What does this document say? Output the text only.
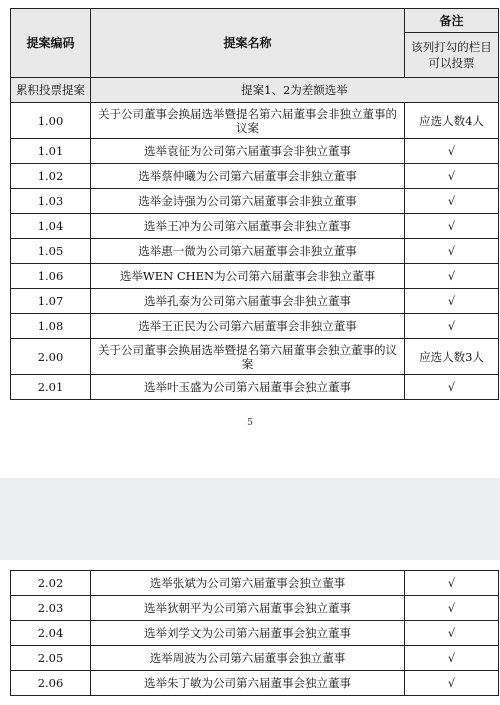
提案编码	提案名称	备注
		该列打勾的栏目可以投票
累积投票提案	提案1、2为差额选举	
1.00	关于公司董事会换届选举暨提名第六届董事会非独立董事的议案	应选人数4人
1.01	选举袁征为公司第六届董事会非独立董事	√
1.02	选举蔡仲曦为公司第六届董事会非独立董事	√
1.03	选举金诗强为公司第六届董事会非独立董事	√
1.04	选举王冲为公司第六届董事会非独立董事	√
1.05	选举惠一微为公司第六届董事会非独立董事	√
1.06	选举WEN CHEN为公司第六届董事会非独立董事	√
1.07	选举孔泰为公司第六届董事会非独立董事	√
1.08	选举王正民为公司第六届董事会非独立董事	√
2.00	关于公司董事会换届选举暨提名第六届董事会独立董事的议案	应选人数3人
2.01	选举叶玉盛为公司第六届董事会独立董事	√
5
2.02	选举张斌为公司第六届董事会独立董事	√
2.03	选举狄朝平为公司第六届董事会独立董事	√
2.04	选举刘学文为公司第六届董事会独立董事	√
2.05	选举周波为公司第六届董事会独立董事	√
2.06	选举朱丁敏为公司第六届董事会独立董事	√
